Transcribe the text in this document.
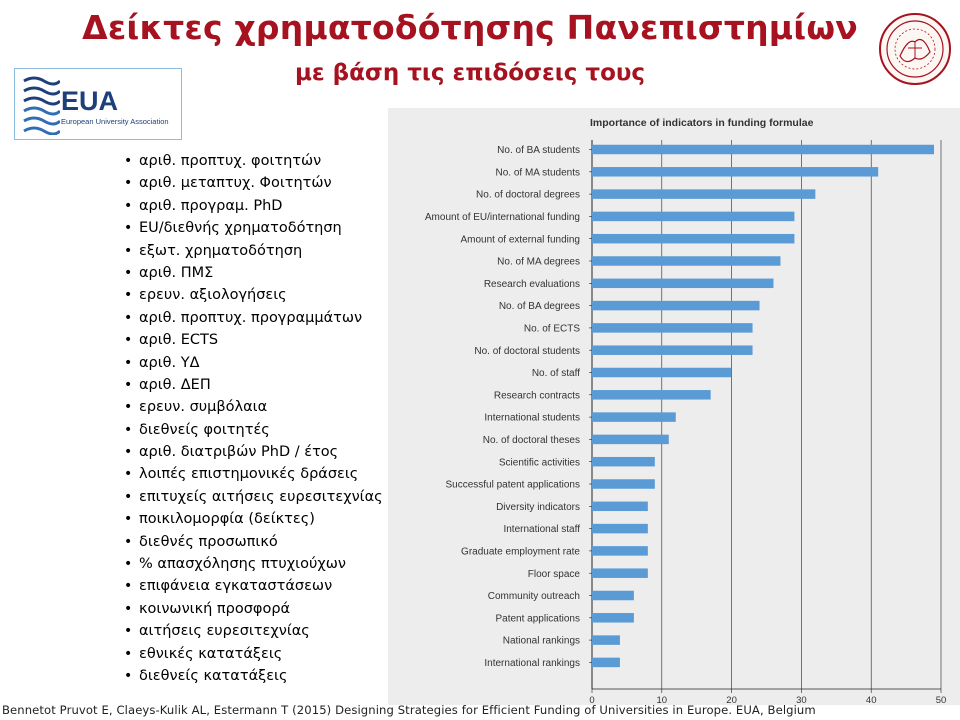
Δείκτες χρηματοδότησης Πανεπιστημίων
με βάση τις επιδόσεις τους
EUA
European University Association
• αριθ. προπτυχ. φοιτητών
• αριθ. μεταπτυχ. Φοιτητών
• αριθ. πρoγραμ. PhD
• EU/διεθνής χρηματοδότηση
• εξωτ. χρηματοδότηση
• αριθ. ΠΜΣ
• ερευν. αξιολογήσεις
• αριθ. προπτυχ. προγραμμάτων
• αριθ. ECTS
• αριθ. ΥΔ
• αριθ. ΔΕΠ
• ερευν. συμβόλαια
• διεθνείς φοιτητές
• αριθ. διατριβών PhD / έτος
• λοιπές επιστημονικές δράσεις
• επιτυχείς αιτήσεις ευρεσιτεχνίας
• ποικιλομορφία (δείκτες)
• διεθνές προσωπικό
• % απασχόλησης πτυχιούχων
• επιφάνεια εγκαταστάσεων
• κοινωνική προσφορά
• αιτήσεις ευρεσιτεχνίας
• εθνικές κατατάξεις
• διεθνείς κατατάξεις
Importance of indicators in funding formulae
No. of BA students
No. of MA students
No. of doctoral degrees
Amount of EU/international funding
Amount of external funding
No. of MA degrees
Research evaluations
No. of BA degrees
No. of ECTS
No. of doctoral students
No. of staff
Research contracts
International students
No. of doctoral theses
Scientific activities
Successful patent applications
Diversity indicators
International staff
Graduate employment rate
Floor space
Community outreach
Patent applications
National rankings
International rankings
0	10	20	30	40	50
Bennetot Pruvot E, Claeys-Kulik AL, Estermann T (2015) Designing Strategies for Efficient Funding of Universities in Europe. EUA, Belgium
